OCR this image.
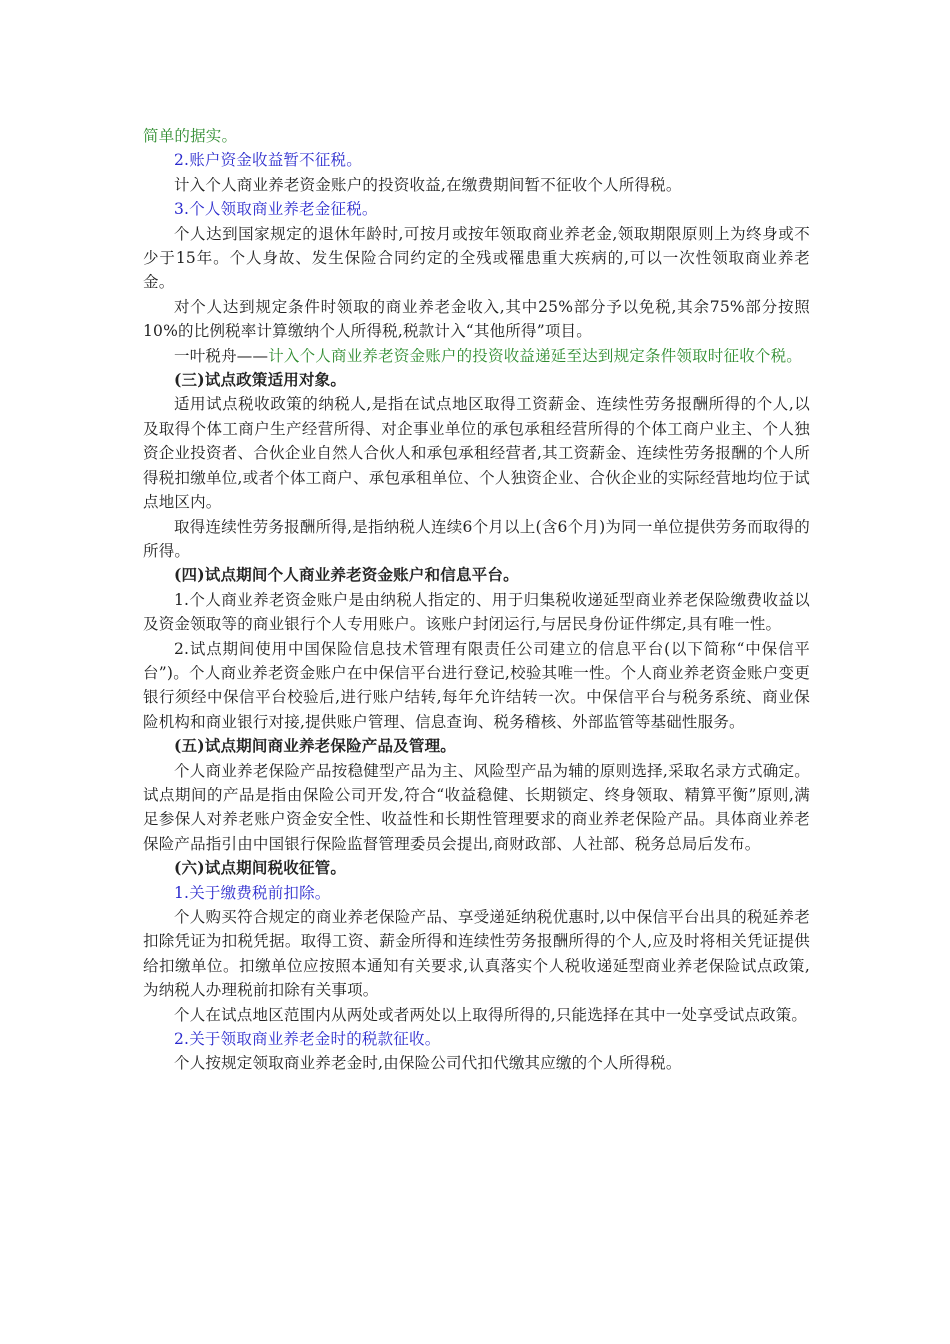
简单的据实。

2.账户资金收益暂不征税。

计入个人商业养老资金账户的投资收益,在缴费期间暂不征收个人所得税。

3.个人领取商业养老金征税。

个人达到国家规定的退休年龄时,可按月或按年领取商业养老金,领取期限原则上为终身或不少于15年。个人身故、发生保险合同约定的全残或罹患重大疾病的,可以一次性领取商业养老金。

对个人达到规定条件时领取的商业养老金收入,其中25%部分予以免税,其余75%部分按照10%的比例税率计算缴纳个人所得税,税款计入“其他所得”项目。

一叶税舟——计入个人商业养老资金账户的投资收益递延至达到规定条件领取时征收个税。

(三)试点政策适用对象。

适用试点税收政策的纳税人,是指在试点地区取得工资薪金、连续性劳务报酬所得的个人,以及取得个体工商户生产经营所得、对企事业单位的承包承租经营所得的个体工商户业主、个人独资企业投资者、合伙企业自然人合伙人和承包承租经营者,其工资薪金、连续性劳务报酬的个人所得税扣缴单位,或者个体工商户、承包承租单位、个人独资企业、合伙企业的实际经营地均位于试点地区内。

取得连续性劳务报酬所得,是指纳税人连续6个月以上(含6个月)为同一单位提供劳务而取得的所得。

(四)试点期间个人商业养老资金账户和信息平台。

1.个人商业养老资金账户是由纳税人指定的、用于归集税收递延型商业养老保险缴费收益以及资金领取等的商业银行个人专用账户。该账户封闭运行,与居民身份证件绑定,具有唯一性。

2.试点期间使用中国保险信息技术管理有限责任公司建立的信息平台(以下简称“中保信平台”)。个人商业养老资金账户在中保信平台进行登记,校验其唯一性。个人商业养老资金账户变更银行须经中保信平台校验后,进行账户结转,每年允许结转一次。中保信平台与税务系统、商业保险机构和商业银行对接,提供账户管理、信息查询、税务稽核、外部监管等基础性服务。

(五)试点期间商业养老保险产品及管理。

个人商业养老保险产品按稳健型产品为主、风险型产品为辅的原则选择,采取名录方式确定。试点期间的产品是指由保险公司开发,符合“收益稳健、长期锁定、终身领取、精算平衡”原则,满足参保人对养老账户资金安全性、收益性和长期性管理要求的商业养老保险产品。具体商业养老保险产品指引由中国银行保险监督管理委员会提出,商财政部、人社部、税务总局后发布。

(六)试点期间税收征管。

1.关于缴费税前扣除。

个人购买符合规定的商业养老保险产品、享受递延纳税优惠时,以中保信平台出具的税延养老扣除凭证为扣税凭据。取得工资、薪金所得和连续性劳务报酬所得的个人,应及时将相关凭证提供给扣缴单位。扣缴单位应按照本通知有关要求,认真落实个人税收递延型商业养老保险试点政策,为纳税人办理税前扣除有关事项。

个人在试点地区范围内从两处或者两处以上取得所得的,只能选择在其中一处享受试点政策。

2.关于领取商业养老金时的税款征收。

个人按规定领取商业养老金时,由保险公司代扣代缴其应缴的个人所得税。
